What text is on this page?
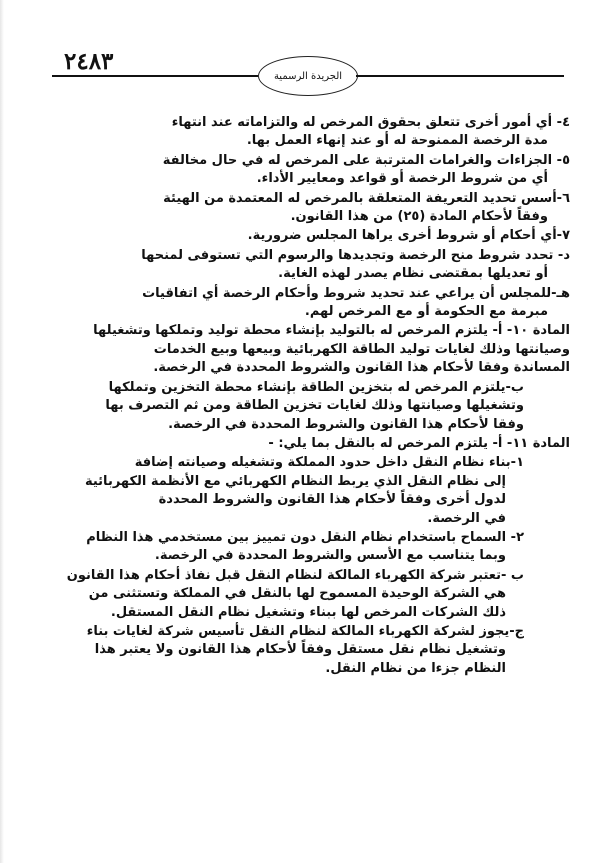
٢٤٨٣
الجريدة الرسمية
٤- أي أمور أخرى تتعلق بحقوق المرخص له والتزاماته عند انتهاء
مدة الرخصة الممنوحة له أو عند إنهاء العمل بها.
٥- الجزاءات والغرامات المترتبة على المرخص له في حال مخالفة
أي من شروط الرخصة أو قواعد ومعايير الأداء.
٦-أسس تحديد التعريفة المتعلقة بالمرخص له المعتمدة من الهيئة
وفقاً لأحكام المادة (٢٥) من هذا القانون.
٧-أي أحكام أو شروط أخرى يراها المجلس ضرورية.
د- تحدد شروط منح الرخصة وتجديدها والرسوم التي تستوفى لمنحها
أو تعديلها بمقتضى نظام يصدر لهذه الغاية.
هـ-للمجلس أن يراعي عند تحديد شروط وأحكام الرخصة أي اتفاقيات
مبرمة مع الحكومة أو مع المرخص لهم.
المادة ١٠- أ- يلتزم المرخص له بالتوليد بإنشاء محطة توليد وتملكها وتشغيلها
وصيانتها وذلك لغايات توليد الطاقة الكهربائية وبيعها وبيع الخدمات
المساندة وفقا لأحكام هذا القانون والشروط المحددة في الرخصة.
ب-يلتزم المرخص له بتخزين الطاقة بإنشاء محطة التخزين وتملكها
وتشغيلها وصيانتها وذلك لغايات تخزين الطاقة ومن ثم التصرف بها
وفقا لأحكام هذا القانون والشروط المحددة في الرخصة.
المادة ١١- أ- يلتزم المرخص له بالنقل بما يلي: -
١-بناء نظام النقل داخل حدود المملكة وتشغيله وصيانته إضافة
إلى نظام النقل الذي يربط النظام الكهربائي مع الأنظمة الكهربائية
لدول أخرى وفقاً لأحكام هذا القانون والشروط المحددة
في الرخصة.
٢- السماح باستخدام نظام النقل دون تمييز بين مستخدمي هذا النظام
وبما يتناسب مع الأسس والشروط المحددة في الرخصة.
ب -تعتبر شركة الكهرباء المالكة لنظام النقل قبل نفاذ أحكام هذا القانون
هي الشركة الوحيدة المسموح لها بالنقل في المملكة وتستثنى من
ذلك الشركات المرخص لها ببناء وتشغيل نظام النقل المستقل.
ج-يجوز لشركة الكهرباء المالكة لنظام النقل تأسيس شركة لغايات بناء
وتشغيل نظام نقل مستقل وفقاً لأحكام هذا القانون ولا يعتبر هذا
النظام جزءا من نظام النقل.
